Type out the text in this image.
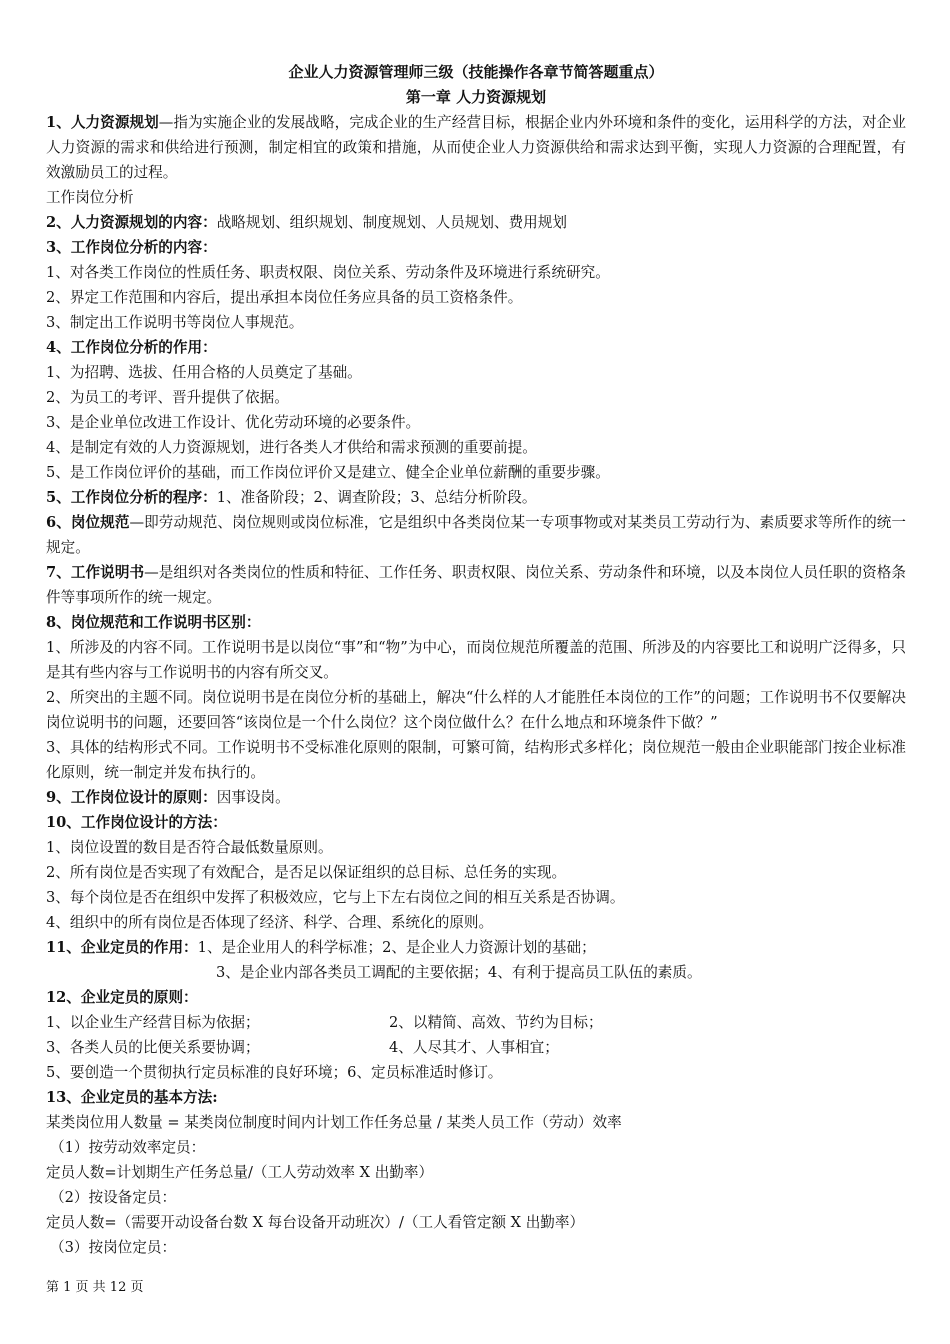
企业人力资源管理师三级（技能操作各章节简答题重点）

第一章 人力资源规划

1、人力资源规划—指为实施企业的发展战略，完成企业的生产经营目标，根据企业内外环境和条件的变化，运用科学的方法，对企业人力资源的需求和供给进行预测，制定相宜的政策和措施，从而使企业人力资源供给和需求达到平衡，实现人力资源的合理配置，有效激励员工的过程。

工作岗位分析

2、人力资源规划的内容：战略规划、组织规划、制度规划、人员规划、费用规划

3、工作岗位分析的内容：

1、对各类工作岗位的性质任务、职责权限、岗位关系、劳动条件及环境进行系统研究。

2、界定工作范围和内容后，提出承担本岗位任务应具备的员工资格条件。

3、制定出工作说明书等岗位人事规范。

4、工作岗位分析的作用：

1、为招聘、选拔、任用合格的人员奠定了基础。

2、为员工的考评、晋升提供了依据。

3、是企业单位改进工作设计、优化劳动环境的必要条件。

4、是制定有效的人力资源规划，进行各类人才供给和需求预测的重要前提。

5、是工作岗位评价的基础，而工作岗位评价又是建立、健全企业单位薪酬的重要步骤。

5、工作岗位分析的程序：1、准备阶段；2、调查阶段；3、总结分析阶段。

6、岗位规范—即劳动规范、岗位规则或岗位标准，它是组织中各类岗位某一专项事物或对某类员工劳动行为、素质要求等所作的统一规定。

7、工作说明书—是组织对各类岗位的性质和特征、工作任务、职责权限、岗位关系、劳动条件和环境，以及本岗位人员任职的资格条件等事项所作的统一规定。

8、岗位规范和工作说明书区别：

1、所涉及的内容不同。工作说明书是以岗位“事”和“物”为中心，而岗位规范所覆盖的范围、所涉及的内容要比工和说明广泛得多，只是其有些内容与工作说明书的内容有所交叉。

2、所突出的主题不同。岗位说明书是在岗位分析的基础上，解决“什么样的人才能胜任本岗位的工作”的问题；工作说明书不仅要解决岗位说明书的问题，还要回答“该岗位是一个什么岗位？这个岗位做什么？在什么地点和环境条件下做？”

3、具体的结构形式不同。工作说明书不受标准化原则的限制，可繁可简，结构形式多样化；岗位规范一般由企业职能部门按企业标准化原则，统一制定并发布执行的。

9、工作岗位设计的原则：因事设岗。

10、工作岗位设计的方法：

1、岗位设置的数目是否符合最低数量原则。

2、所有岗位是否实现了有效配合，是否足以保证组织的总目标、总任务的实现。

3、每个岗位是否在组织中发挥了积极效应，它与上下左右岗位之间的相互关系是否协调。

4、组织中的所有岗位是否体现了经济、科学、合理、系统化的原则。

11、企业定员的作用：1、是企业用人的科学标准；2、是企业人力资源计划的基础；

3、是企业内部各类员工调配的主要依据；4、有利于提高员工队伍的素质。

12、企业定员的原则：

1、以企业生产经营目标为依据；	2、以精简、高效、节约为目标；
3、各类人员的比便关系要协调；	4、人尽其才、人事相宜；

5、要创造一个贯彻执行定员标准的良好环境；6、定员标准适时修订。

13、企业定员的基本方法:

某类岗位用人数量 = 某类岗位制度时间内计划工作任务总量 / 某类人员工作（劳动）效率

（1）按劳动效率定员：

定员人数=计划期生产任务总量/（工人劳动效率 X 出勤率）

（2）按设备定员：

定员人数=（需要开动设备台数 X 每台设备开动班次）/（工人看管定额 X 出勤率）

（3）按岗位定员：

第 1 页 共 12 页
